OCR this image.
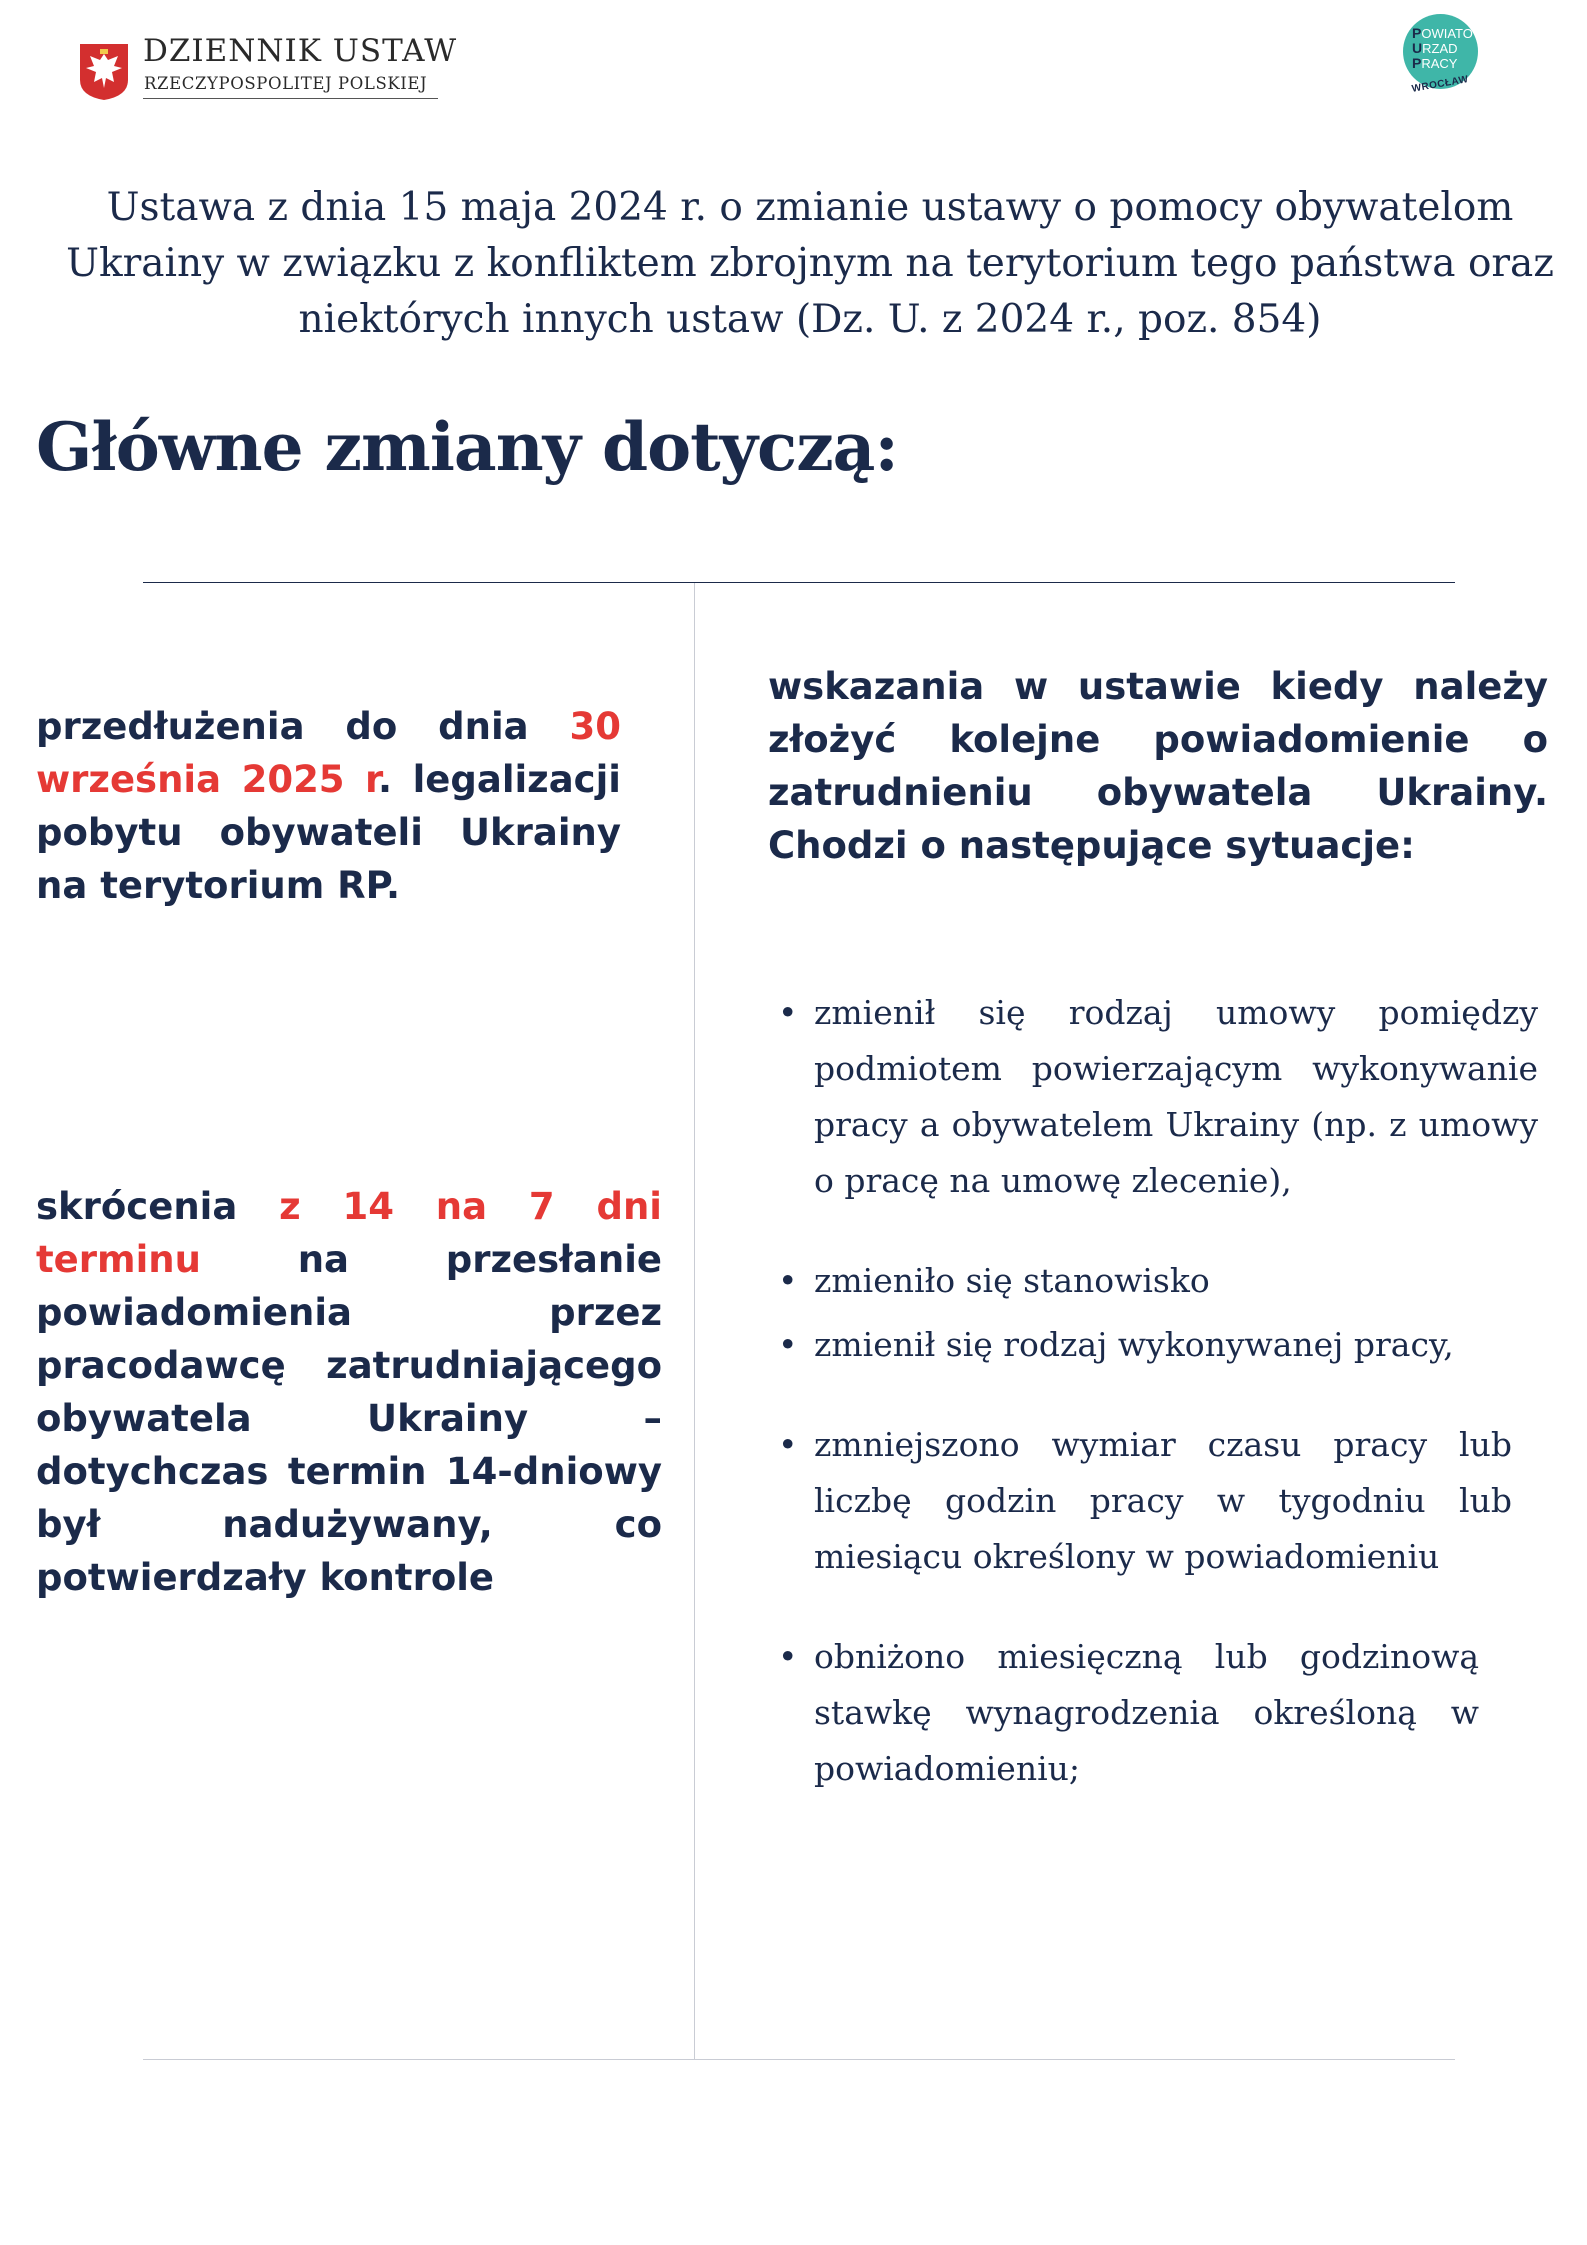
DZIENNIK USTAW
RZECZYPOSPOLITEJ POLSKIEJ
POWIATOWY
URZAD
PRACY
WROCŁAW
Ustawa z dnia 15 maja 2024 r. o zmianie ustawy o pomocy obywatelom Ukrainy w związku z konfliktem zbrojnym na terytorium tego państwa oraz niektórych innych ustaw (Dz. U. z 2024 r., poz. 854)
Główne zmiany dotyczą:
przedłużenia do dnia 30 września 2025 r. legalizacji pobytu obywateli Ukrainy na terytorium RP.
skrócenia z 14 na 7 dni terminu na przesłanie powiadomienia przez pracodawcę zatrudniającego obywatela Ukrainy – dotychczas termin 14-dniowy był nadużywany, co potwierdzały kontrole
wskazania w ustawie kiedy należy złożyć kolejne powiadomienie o zatrudnieniu obywatela Ukrainy. Chodzi o następujące sytuacje:
• zmienił się rodzaj umowy pomiędzy podmiotem powierzającym wykonywanie pracy a obywatelem Ukrainy (np. z umowy o pracę na umowę zlecenie),
• zmieniło się stanowisko
• zmienił się rodzaj wykonywanej pracy,
• zmniejszono wymiar czasu pracy lub liczbę godzin pracy w tygodniu lub miesiącu określony w powiadomieniu
• obniżono miesięczną lub godzinową stawkę wynagrodzenia określoną w powiadomieniu;
